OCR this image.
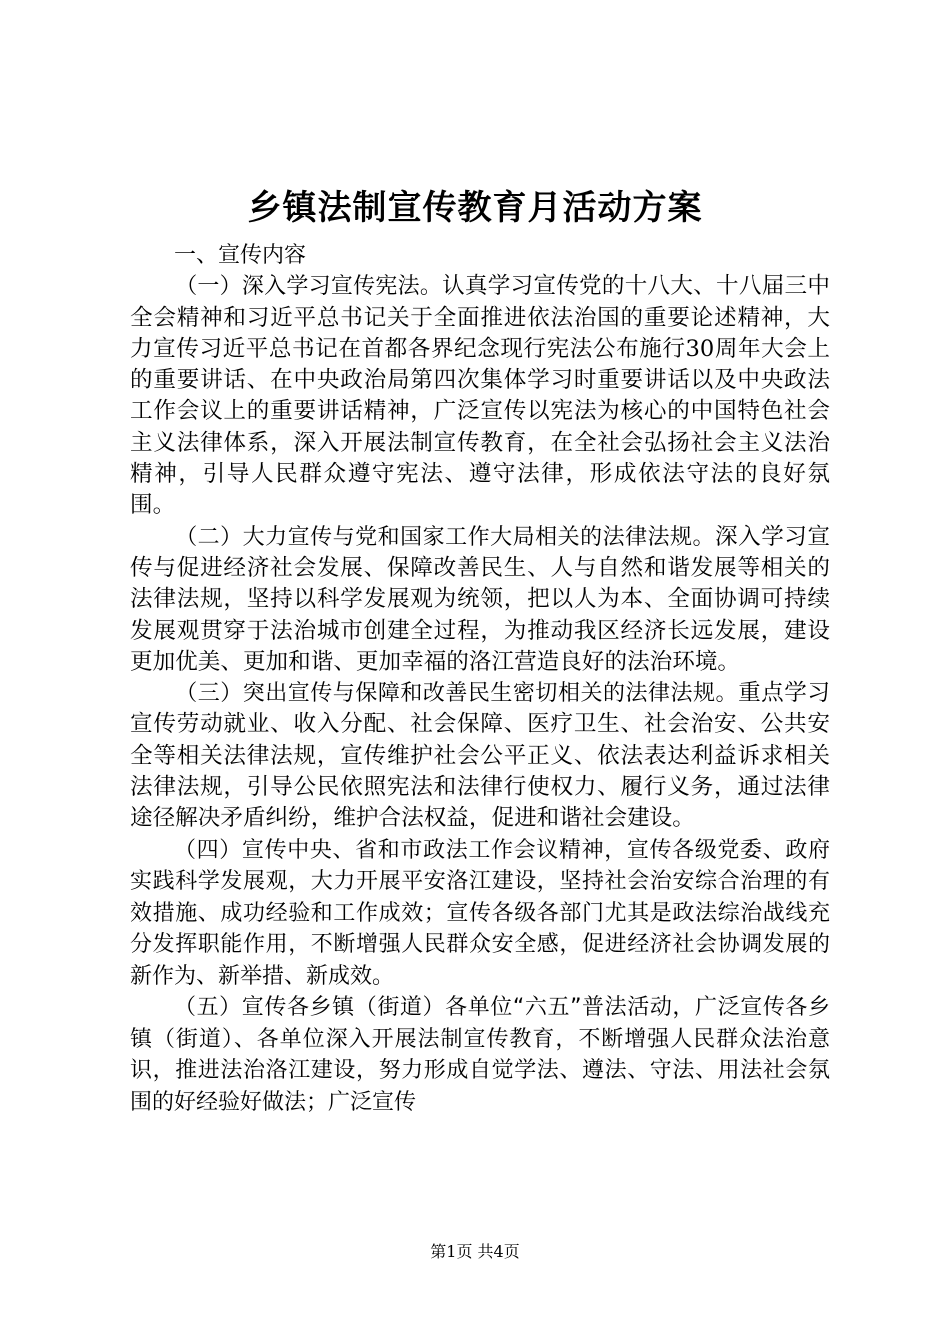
乡镇法制宣传教育月活动方案

一、宣传内容

（一）深入学习宣传宪法。认真学习宣传党的十八大、十八届三中全会精神和习近平总书记关于全面推进依法治国的重要论述精神，大力宣传习近平总书记在首都各界纪念现行宪法公布施行30周年大会上的重要讲话、在中央政治局第四次集体学习时重要讲话以及中央政法工作会议上的重要讲话精神，广泛宣传以宪法为核心的中国特色社会主义法律体系，深入开展法制宣传教育，在全社会弘扬社会主义法治精神，引导人民群众遵守宪法、遵守法律，形成依法守法的良好氛围。

（二）大力宣传与党和国家工作大局相关的法律法规。深入学习宣传与促进经济社会发展、保障改善民生、人与自然和谐发展等相关的法律法规，坚持以科学发展观为统领，把以人为本、全面协调可持续发展观贯穿于法治城市创建全过程，为推动我区经济长远发展，建设更加优美、更加和谐、更加幸福的洛江营造良好的法治环境。

（三）突出宣传与保障和改善民生密切相关的法律法规。重点学习宣传劳动就业、收入分配、社会保障、医疗卫生、社会治安、公共安全等相关法律法规，宣传维护社会公平正义、依法表达利益诉求相关法律法规，引导公民依照宪法和法律行使权力、履行义务，通过法律途径解决矛盾纠纷，维护合法权益，促进和谐社会建设。

（四）宣传中央、省和市政法工作会议精神，宣传各级党委、政府实践科学发展观，大力开展平安洛江建设，坚持社会治安综合治理的有效措施、成功经验和工作成效；宣传各级各部门尤其是政法综治战线充分发挥职能作用，不断增强人民群众安全感，促进经济社会协调发展的新作为、新举措、新成效。

（五）宣传各乡镇（街道）各单位“六五”普法活动，广泛宣传各乡镇（街道）、各单位深入开展法制宣传教育，不断增强人民群众法治意识，推进法治洛江建设，努力形成自觉学法、遵法、守法、用法社会氛围的好经验好做法；广泛宣传

第1页 共4页
